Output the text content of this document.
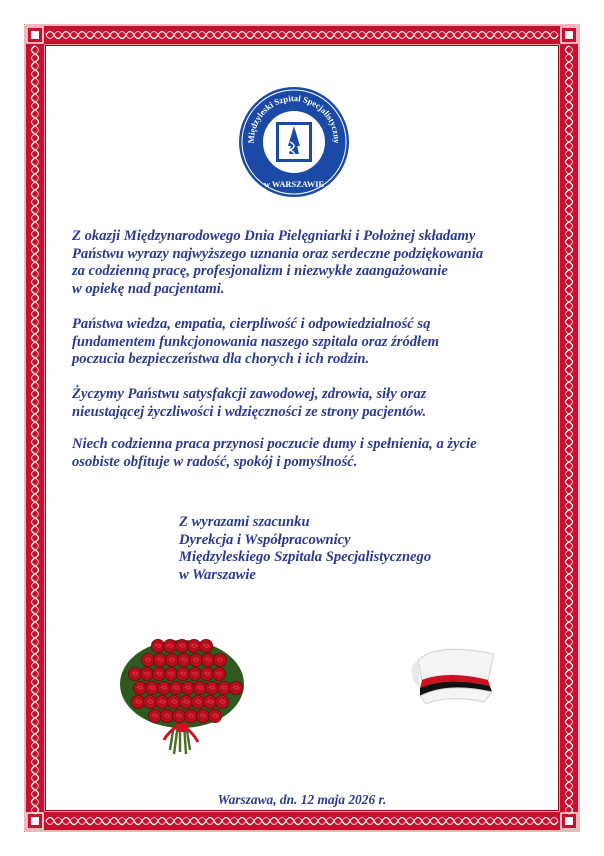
Międzyleski Szpital Specjalistyczny
w WARSZAWIE

Z okazji Międzynarodowego Dnia Pielęgniarki i Położnej składamy
Państwu wyrazy najwyższego uznania oraz serdeczne podziękowania
za codzienną pracę, profesjonalizm i niezwykłe zaangażowanie
w opiekę nad pacjentami.

Państwa wiedza, empatia, cierpliwość i odpowiedzialność są
fundamentem funkcjonowania naszego szpitala oraz źródłem
poczucia bezpieczeństwa dla chorych i ich rodzin.

Życzymy Państwu satysfakcji zawodowej, zdrowia, siły oraz
nieustającej życzliwości i wdzięczności ze strony pacjentów.

Niech codzienna praca przynosi poczucie dumy i spełnienia, a życie
osobiste obfituje w radość, spokój i pomyślność.

Z wyrazami szacunku
Dyrekcja i Współpracownicy
Międzyleskiego Szpitala Specjalistycznego
w Warszawie
Warszawa, dn. 12 maja 2026 r.
